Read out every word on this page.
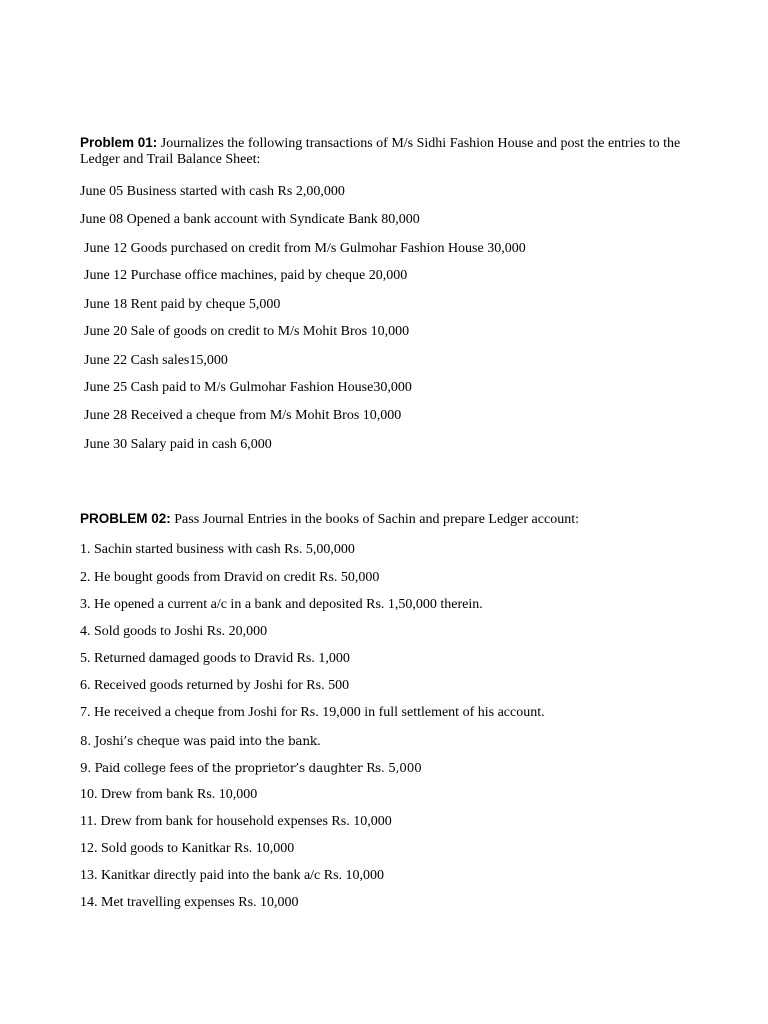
Problem 01: Journalizes the following transactions of M/s Sidhi Fashion House and post the entries to the Ledger and Trail Balance Sheet:
June 05 Business started with cash Rs 2,00,000
June 08 Opened a bank account with Syndicate Bank 80,000
June 12 Goods purchased on credit from M/s Gulmohar Fashion House 30,000
June 12 Purchase office machines, paid by cheque 20,000
June 18 Rent paid by cheque 5,000
June 20 Sale of goods on credit to M/s Mohit Bros 10,000
June 22 Cash sales15,000
June 25 Cash paid to M/s Gulmohar Fashion House30,000
June 28 Received a cheque from M/s Mohit Bros 10,000
June 30 Salary paid in cash 6,000
PROBLEM 02: Pass Journal Entries in the books of Sachin and prepare Ledger account:
1. Sachin started business with cash Rs. 5,00,000
2. He bought goods from Dravid on credit Rs. 50,000
3. He opened a current a/c in a bank and deposited Rs. 1,50,000 therein.
4. Sold goods to Joshi Rs. 20,000
5. Returned damaged goods to Dravid Rs. 1,000
6. Received goods returned by Joshi for Rs. 500
7. He received a cheque from Joshi for Rs. 19,000 in full settlement of his account.
8. Joshi’s cheque was paid into the bank.
9. Paid college fees of the proprietor’s daughter Rs. 5,000
10. Drew from bank Rs. 10,000
11. Drew from bank for household expenses Rs. 10,000
12. Sold goods to Kanitkar Rs. 10,000
13. Kanitkar directly paid into the bank a/c Rs. 10,000
14. Met travelling expenses Rs. 10,000
